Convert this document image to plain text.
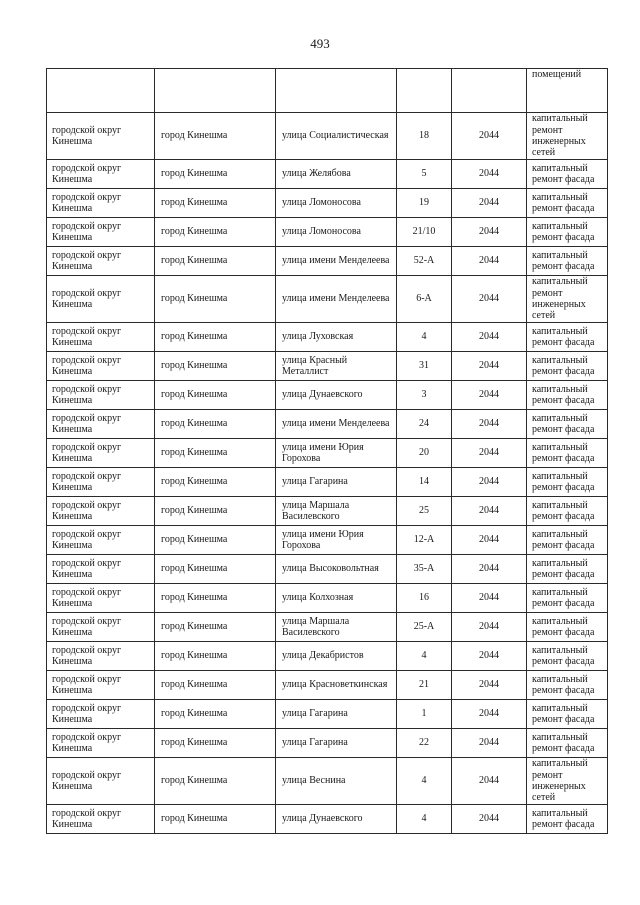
493
					помещений
городской округ Кинешма	город Кинешма	улица Социалистическая	18	2044	капитальный ремонт инженерных сетей
городской округ Кинешма	город Кинешма	улица Желябова	5	2044	капитальный ремонт фасада
городской округ Кинешма	город Кинешма	улица Ломоносова	19	2044	капитальный ремонт фасада
городской округ Кинешма	город Кинешма	улица Ломоносова	21/10	2044	капитальный ремонт фасада
городской округ Кинешма	город Кинешма	улица имени Менделеева	52-А	2044	капитальный ремонт фасада
городской округ Кинешма	город Кинешма	улица имени Менделеева	6-А	2044	капитальный ремонт инженерных сетей
городской округ Кинешма	город Кинешма	улица Луховская	4	2044	капитальный ремонт фасада
городской округ Кинешма	город Кинешма	улица Красный Металлист	31	2044	капитальный ремонт фасада
городской округ Кинешма	город Кинешма	улица Дунаевского	3	2044	капитальный ремонт фасада
городской округ Кинешма	город Кинешма	улица имени Менделеева	24	2044	капитальный ремонт фасада
городской округ Кинешма	город Кинешма	улица имени Юрия Горохова	20	2044	капитальный ремонт фасада
городской округ Кинешма	город Кинешма	улица Гагарина	14	2044	капитальный ремонт фасада
городской округ Кинешма	город Кинешма	улица Маршала Василевского	25	2044	капитальный ремонт фасада
городской округ Кинешма	город Кинешма	улица имени Юрия Горохова	12-А	2044	капитальный ремонт фасада
городской округ Кинешма	город Кинешма	улица Высоковольтная	35-А	2044	капитальный ремонт фасада
городской округ Кинешма	город Кинешма	улица Колхозная	16	2044	капитальный ремонт фасада
городской округ Кинешма	город Кинешма	улица Маршала Василевского	25-А	2044	капитальный ремонт фасада
городской округ Кинешма	город Кинешма	улица Декабристов	4	2044	капитальный ремонт фасада
городской округ Кинешма	город Кинешма	улица Красноветкинская	21	2044	капитальный ремонт фасада
городской округ Кинешма	город Кинешма	улица Гагарина	1	2044	капитальный ремонт фасада
городской округ Кинешма	город Кинешма	улица Гагарина	22	2044	капитальный ремонт фасада
городской округ Кинешма	город Кинешма	улица Веснина	4	2044	капитальный ремонт инженерных сетей
городской округ Кинешма	город Кинешма	улица Дунаевского	4	2044	капитальный ремонт фасада
